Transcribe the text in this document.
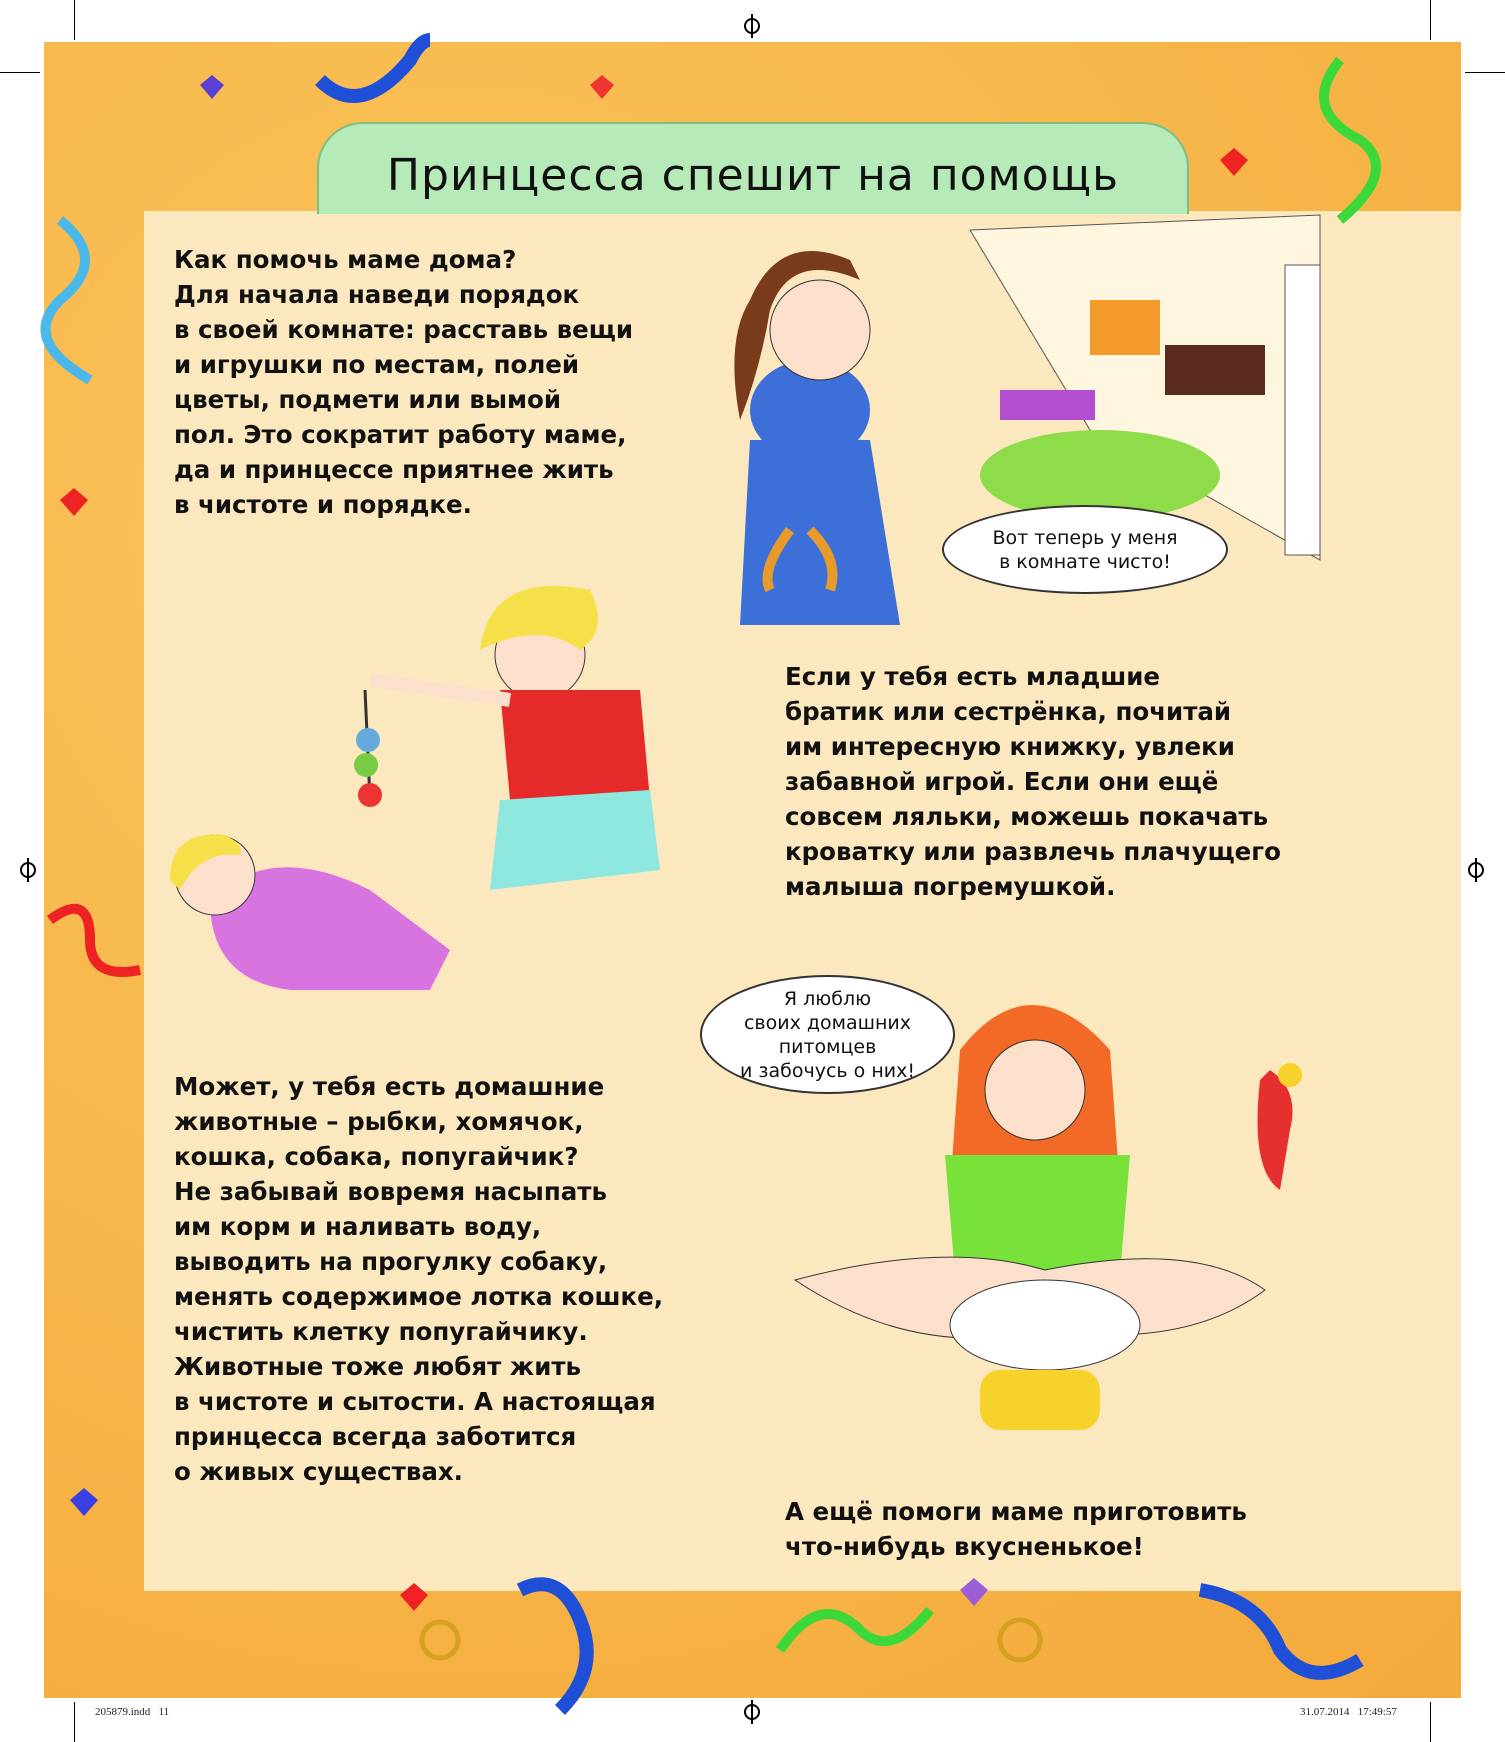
Принцесса спешит на помощь
Как помочь маме дома?
Для начала наведи порядок
в своей комнате: расставь вещи
и игрушки по местам, полей
цветы, подмети или вымой
пол. Это сократит работу маме,
да и принцессе приятнее жить
в чистоте и порядке.
Если у тебя есть младшие
братик или сестрёнка, почитай
им интересную книжку, увлеки
забавной игрой. Если они ещё
совсем ляльки, можешь покачать
кроватку или развлечь плачущего
малыша погремушкой.
Может, у тебя есть домашние
животные – рыбки, хомячок,
кошка, собака, попугайчик?
Не забывай вовремя насыпать
им корм и наливать воду,
выводить на прогулку собаку,
менять содержимое лотка кошке,
чистить клетку попугайчику.
Животные тоже любят жить
в чистоте и сытости. А настоящая
принцесса всегда заботится
о живых существах.
А ещё помоги маме приготовить
что-нибудь вкусненькое!
Вот теперь у меня
в комнате чисто!
Я люблю
своих домашних
питомцев
и забочусь о них!
205879.indd   11	31.07.2014   17:49:57
